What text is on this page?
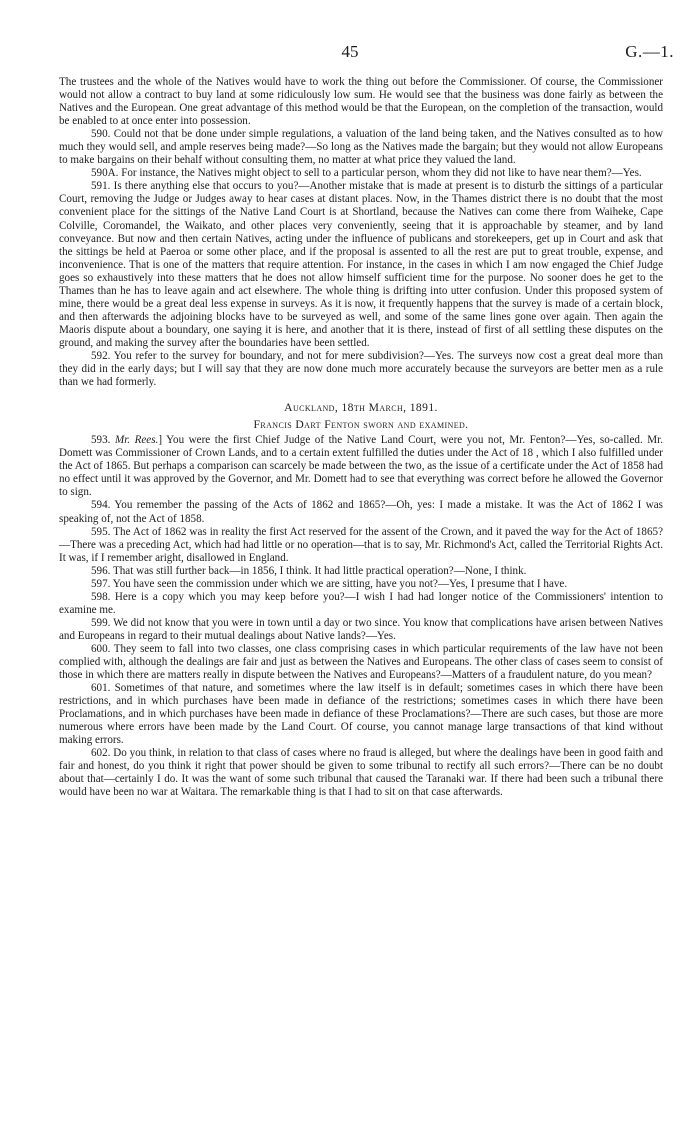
45	G.—1.

The trustees and the whole of the Natives would have to work the thing out before the Commissioner. Of course, the Commissioner would not allow a contract to buy land at some ridiculously low sum. He would see that the business was done fairly as between the Natives and the European. One great advantage of this method would be that the European, on the completion of the transaction, would be enabled to at once enter into possession.

590. Could not that be done under simple regulations, a valuation of the land being taken, and the Natives consulted as to how much they would sell, and ample reserves being made?—So long as the Natives made the bargain; but they would not allow Europeans to make bargains on their behalf without consulting them, no matter at what price they valued the land.

590A. For instance, the Natives might object to sell to a particular person, whom they did not like to have near them?—Yes.

591. Is there anything else that occurs to you?—Another mistake that is made at present is to disturb the sittings of a particular Court, removing the Judge or Judges away to hear cases at distant places. Now, in the Thames district there is no doubt that the most convenient place for the sittings of the Native Land Court is at Shortland, because the Natives can come there from Waiheke, Cape Colville, Coromandel, the Waikato, and other places very conveniently, seeing that it is approachable by steamer, and by land conveyance. But now and then certain Natives, acting under the influence of publicans and storekeepers, get up in Court and ask that the sittings be held at Paeroa or some other place, and if the proposal is assented to all the rest are put to great trouble, expense, and inconvenience. That is one of the matters that require attention. For instance, in the cases in which I am now engaged the Chief Judge goes so exhaustively into these matters that he does not allow himself sufficient time for the purpose. No sooner does he get to the Thames than he has to leave again and act elsewhere. The whole thing is drifting into utter confusion. Under this proposed system of mine, there would be a great deal less expense in surveys. As it is now, it frequently happens that the survey is made of a certain block, and then afterwards the adjoining blocks have to be surveyed as well, and some of the same lines gone over again. Then again the Maoris dispute about a boundary, one saying it is here, and another that it is there, instead of first of all settling these disputes on the ground, and making the survey after the boundaries have been settled.

592. You refer to the survey for boundary, and not for mere subdivision?—Yes. The surveys now cost a great deal more than they did in the early days; but I will say that they are now done much more accurately because the surveyors are better men as a rule than we had formerly.

Auckland, 18th March, 1891.

Francis Dart Fenton sworn and examined.

593. Mr. Rees.] You were the first Chief Judge of the Native Land Court, were you not, Mr. Fenton?—Yes, so-called. Mr. Domett was Commissioner of Crown Lands, and to a certain extent fulfilled the duties under the Act of 18 , which I also fulfilled under the Act of 1865. But perhaps a comparison can scarcely be made between the two, as the issue of a certificate under the Act of 1858 had no effect until it was approved by the Governor, and Mr. Domett had to see that everything was correct before he allowed the Governor to sign.

594. You remember the passing of the Acts of 1862 and 1865?—Oh, yes: I made a mistake. It was the Act of 1862 I was speaking of, not the Act of 1858.

595. The Act of 1862 was in reality the first Act reserved for the assent of the Crown, and it paved the way for the Act of 1865?—There was a preceding Act, which had had little or no operation—that is to say, Mr. Richmond's Act, called the Territorial Rights Act. It was, if I remember aright, disallowed in England.

596. That was still further back—in 1856, I think. It had little practical operation?—None, I think.

597. You have seen the commission under which we are sitting, have you not?—Yes, I presume that I have.

598. Here is a copy which you may keep before you?—I wish I had had longer notice of the Commissioners' intention to examine me.

599. We did not know that you were in town until a day or two since. You know that complications have arisen between Natives and Europeans in regard to their mutual dealings about Native lands?—Yes.

600. They seem to fall into two classes, one class comprising cases in which particular requirements of the law have not been complied with, although the dealings are fair and just as between the Natives and Europeans. The other class of cases seem to consist of those in which there are matters really in dispute between the Natives and Europeans?—Matters of a fraudulent nature, do you mean?

601. Sometimes of that nature, and sometimes where the law itself is in default; sometimes cases in which there have been restrictions, and in which purchases have been made in defiance of the restrictions; sometimes cases in which there have been Proclamations, and in which purchases have been made in defiance of these Proclamations?—There are such cases, but those are more numerous where errors have been made by the Land Court. Of course, you cannot manage large transactions of that kind without making errors.

602. Do you think, in relation to that class of cases where no fraud is alleged, but where the dealings have been in good faith and fair and honest, do you think it right that power should be given to some tribunal to rectify all such errors?—There can be no doubt about that—certainly I do. It was the want of some such tribunal that caused the Taranaki war. If there had been such a tribunal there would have been no war at Waitara. The remarkable thing is that I had to sit on that case afterwards.
